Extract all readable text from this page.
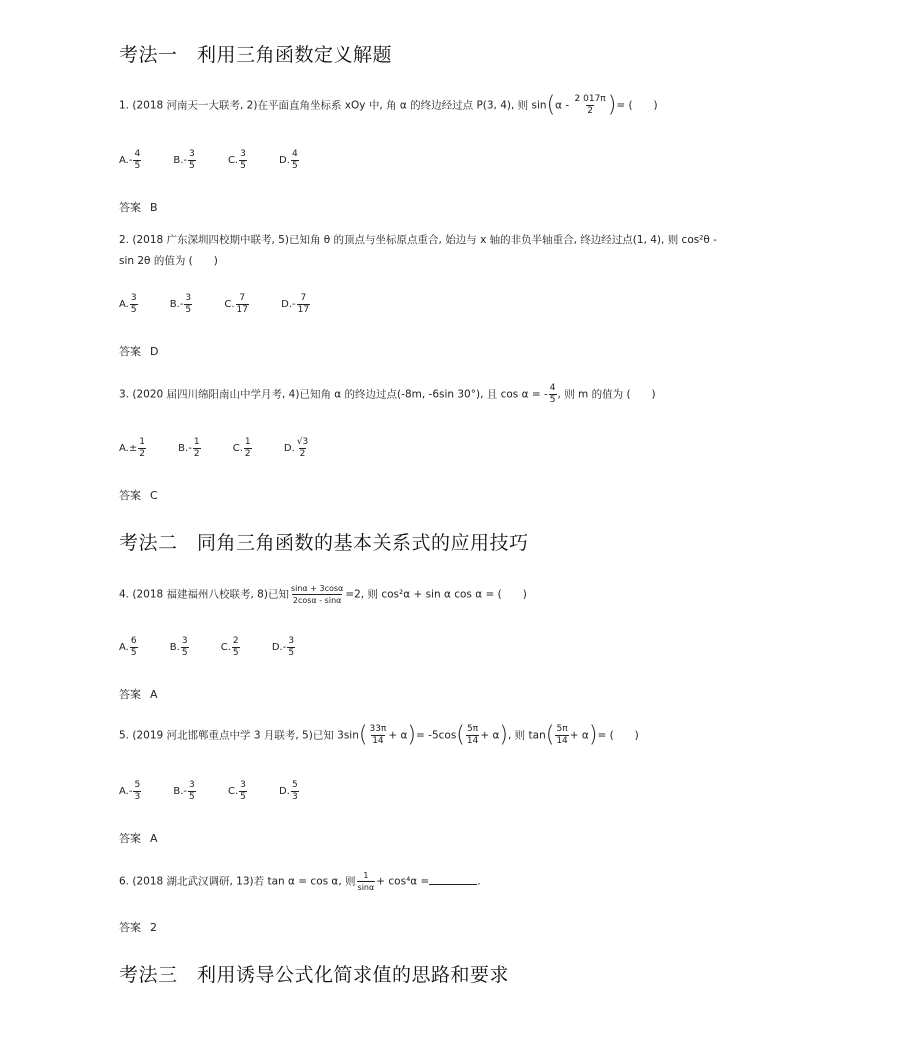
考法一　利用三角函数定义解题
1. (2018 河南天一大联考, 2)在平面直角坐标系 xOy 中, 角 α 的终边经过点 P(3, 4), 则 $\sin(\alpha - \frac{2 017\pi}{2}$ )= (　　)
A. - $\frac{4}{5}$
	B. - $\frac{3}{5}$
	C. $\frac{3}{5}$
	D. $\frac{4}{5}$
答案 B
2. (2018 广东深圳四校期中联考, 5)已知角 θ 的顶点与坐标原点重合, 始边与 x 轴的非负半轴重合, 终边经过点(1, 4), 则 cos²θ -
sin 2θ 的值为 (　　)
A. $\frac{3}{5}$
	B. - $\frac{3}{5}$
	C. $\frac{7}{17}$
	D. - $\frac{7}{17}$
答案 D
3. (2020 届四川绵阳南山中学月考, 4)已知角 α 的终边过点(-8m, -6sin 30°), 且 cos α = - $\frac{4}{5}$ , 则 m 的值为 (　　)
A. ± $\frac{1}{2}$
	B. - $\frac{1}{2}$
	C. $\frac{1}{2}$
	D. $\frac{√3}{2}$
答案 C
考法二　同角三角函数的基本关系式的应用技巧
4. (2018 福建福州八校联考, 8)已知 $\frac{\sin\alpha + 3\cos\alpha}{2\cos\alpha - \sin\alpha} =2$, 则 cos²α + sin α cos α = (　　)
A. $\frac{6}{5}$
	B. $\frac{3}{5}$
	C. $\frac{2}{5}$
	D. - $\frac{3}{5}$
答案 A
5. (2019 河北邯郸重点中学 3 月联考, 5)已知 $3\sin( \frac{33\pi}{14} + \alpha)= -5\cos( \frac{5\pi}{14} + \alpha)$, 则 $\tan( \frac{5\pi}{14} + \alpha)=$ (　　)
A. - $\frac{5}{3}$
	B. - $\frac{3}{5}$
	C. $\frac{3}{5}$
	D. $\frac{5}{3}$
答案 A
6. (2018 湖北武汉调研, 13)若 tan α = cos α, 则 $\frac{1}{\sin\alpha} + \cos^4\alpha$ =	.
答案 2
考法三　利用诱导公式化简求值的思路和要求
